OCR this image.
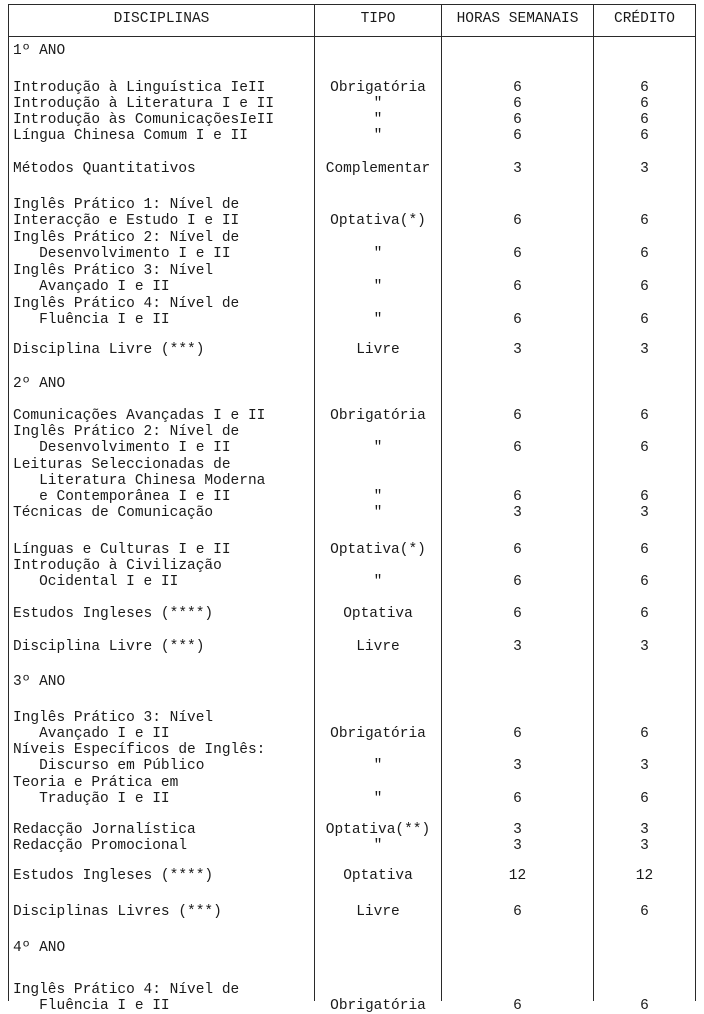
DISCIPLINAS	TIPO	HORAS SEMANAIS	CRÉDITO
1º ANO
Introdução à Linguística IeII	Obrigatória	6	6
Introdução à Literatura I e II	"	6	6
Introdução às ComunicaçõesIeII	"	6	6
Língua Chinesa Comum I e II	"	6	6
Métodos Quantitativos	Complementar	3	3
Inglês Prático 1: Nível de
Interacção e Estudo I e II	Optativa(*)	6	6
Inglês Prático 2: Nível de
Desenvolvimento I e II	"	6	6
Inglês Prático 3: Nível
Avançado I e II	"	6	6
Inglês Prático 4: Nível de
Fluência I e II	"	6	6
Disciplina Livre (***)	Livre	3	3
2º ANO
Comunicações Avançadas I e II	Obrigatória	6	6
Inglês Prático 2: Nível de
Desenvolvimento I e II	"	6	6
Leituras Seleccionadas de
Literatura Chinesa Moderna
e Contemporânea I e II	"	6	6
Técnicas de Comunicação	"	3	3
Línguas e Culturas I e II	Optativa(*)	6	6
Introdução à Civilização
Ocidental I e II	"	6	6
Estudos Ingleses (****)	Optativa	6	6
Disciplina Livre (***)	Livre	3	3
3º ANO
Inglês Prático 3: Nível
Avançado I e II	Obrigatória	6	6
Níveis Específicos de Inglês:
Discurso em Público	"	3	3
Teoria e Prática em
Tradução I e II	"	6	6
Redacção Jornalística	Optativa(**)	3	3
Redacção Promocional	"	3	3
Estudos Ingleses (****)	Optativa	12	12
Disciplinas Livres (***)	Livre	6	6
4º ANO
Inglês Prático 4: Nível de
Fluência I e II	Obrigatória	6	6
